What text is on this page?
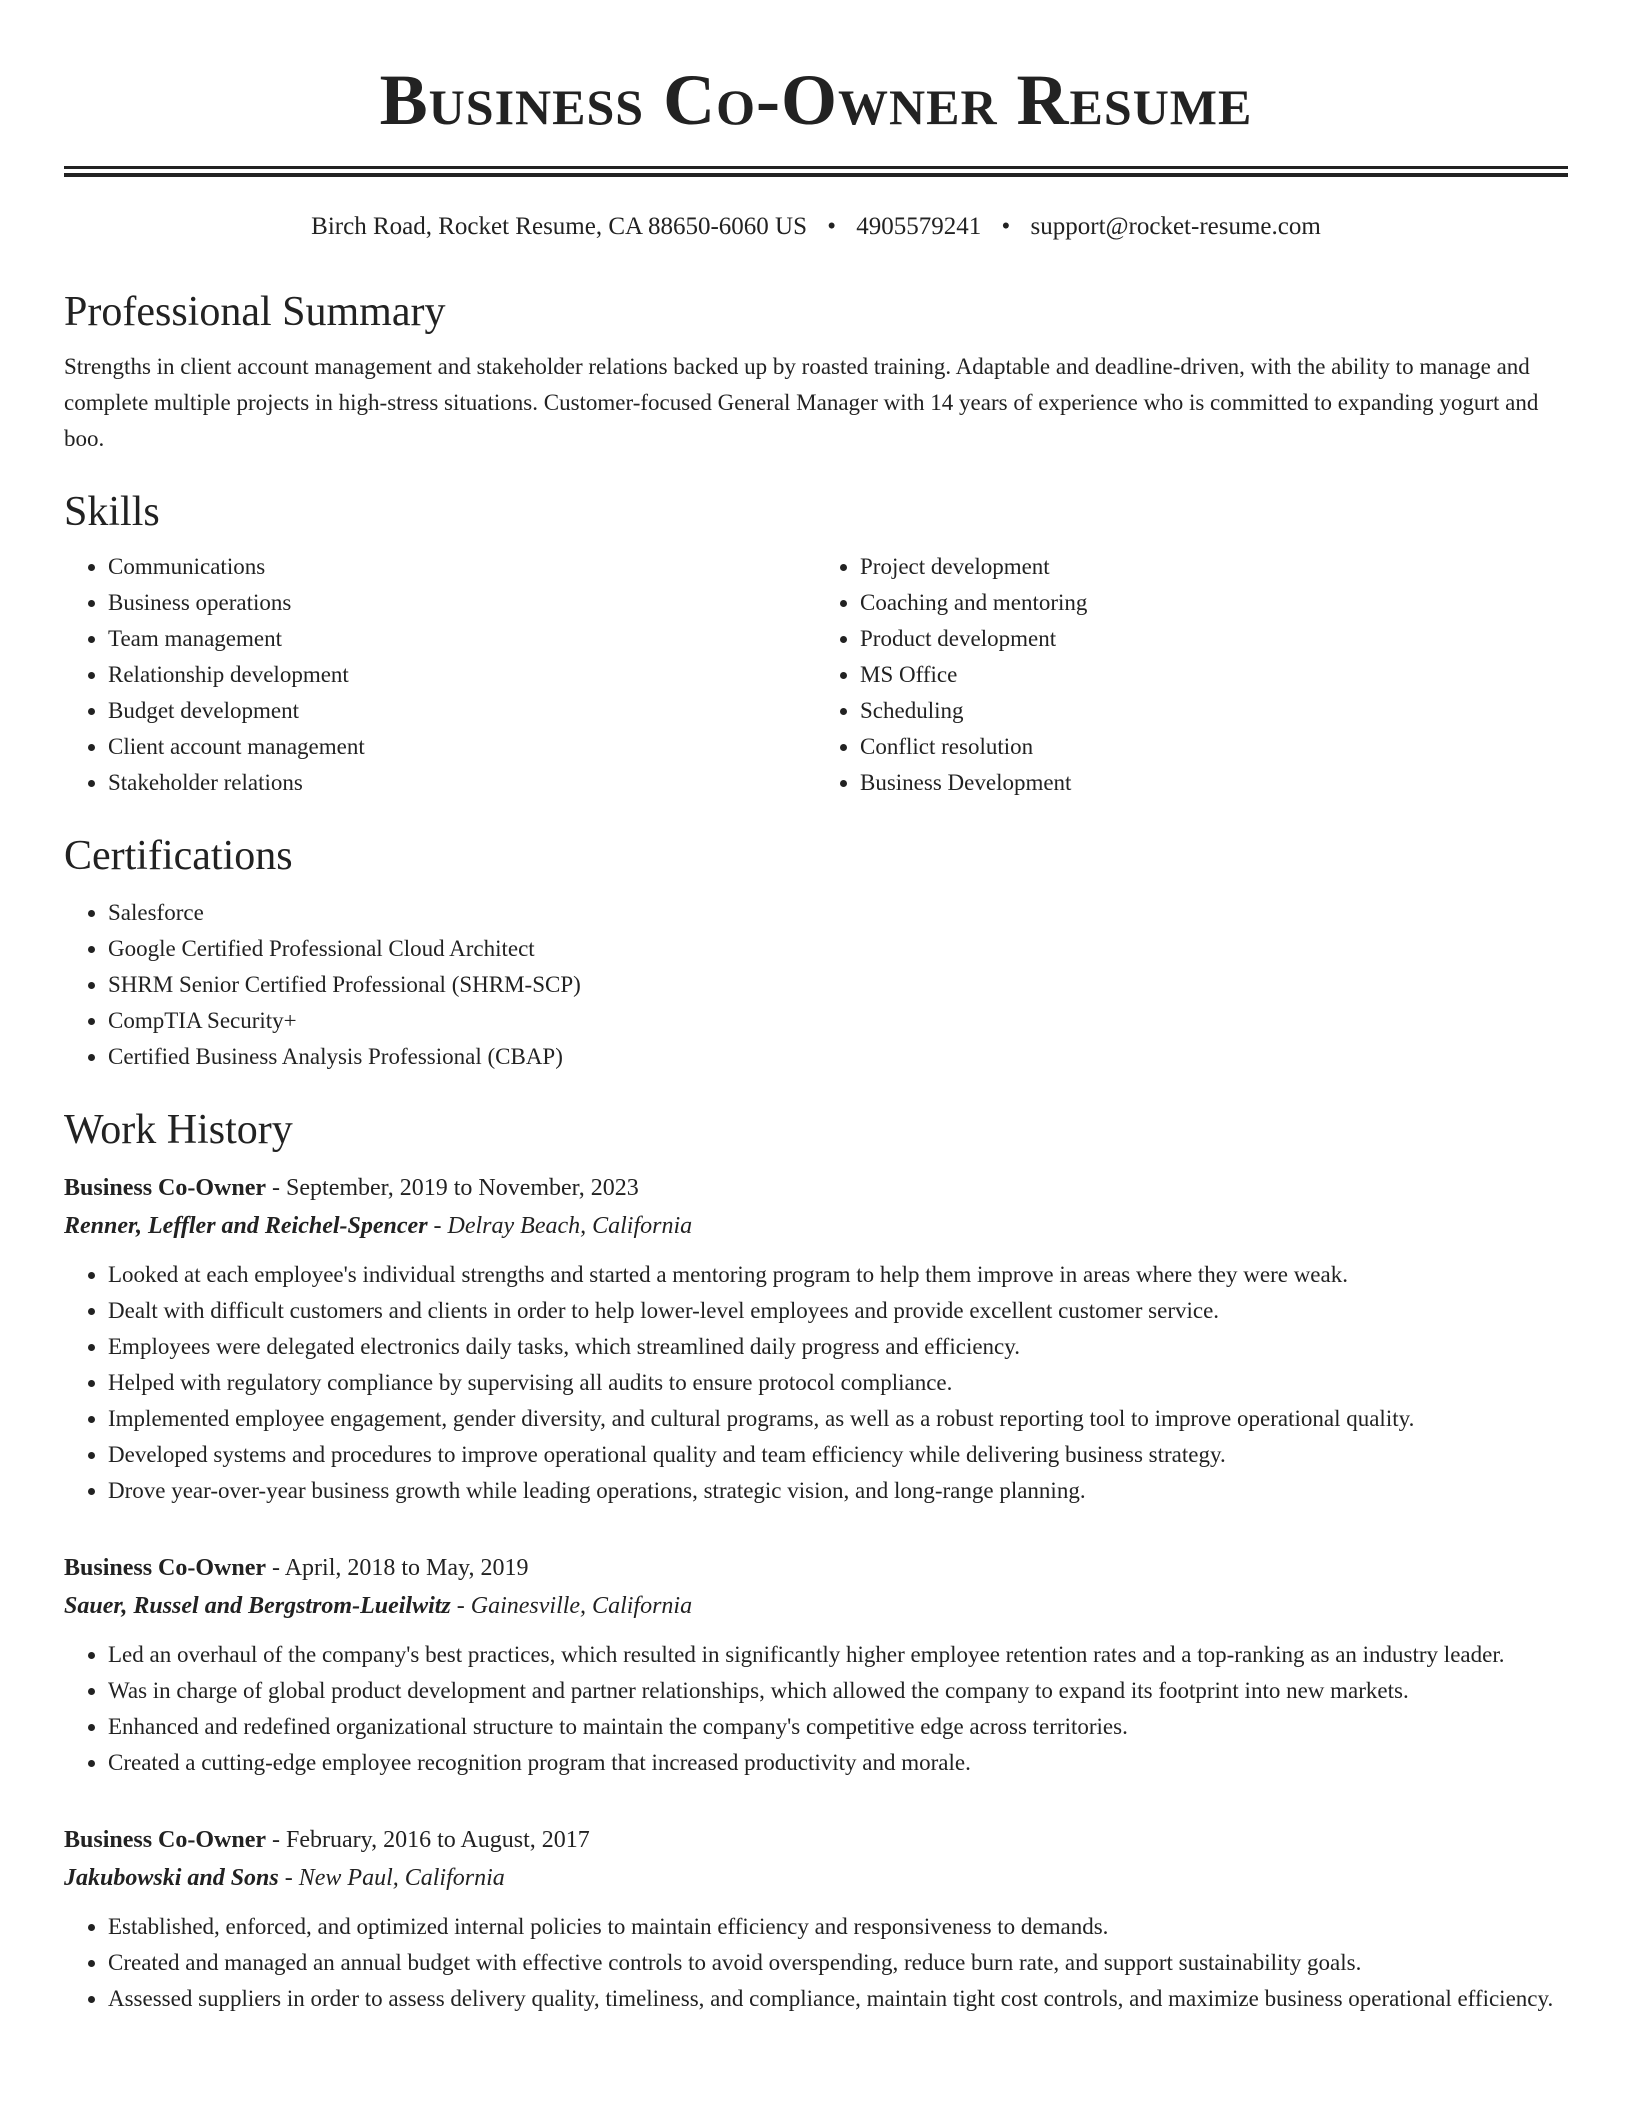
Business Co-Owner Resume
Birch Road, Rocket Resume, CA 88650-6060 US • 4905579241 • support@rocket-resume.com
Professional Summary

Strengths in client account management and stakeholder relations backed up by roasted training. Adaptable and deadline-driven, with the ability to manage and complete multiple projects in high-stress situations. Customer-focused General Manager with 14 years of experience who is committed to expanding yogurt and boo.

Skills
• Communications
• Business operations
• Team management
• Relationship development
• Budget development
• Client account management
• Stakeholder relations
• Project development
• Coaching and mentoring
• Product development
• MS Office
• Scheduling
• Conflict resolution
• Business Development
Certifications
• Salesforce
• Google Certified Professional Cloud Architect
• SHRM Senior Certified Professional (SHRM-SCP)
• CompTIA Security+
• Certified Business Analysis Professional (CBAP)
Work History
Business Co-Owner - September, 2019 to November, 2023
Renner, Leffler and Reichel-Spencer - Delray Beach, California
• Looked at each employee's individual strengths and started a mentoring program to help them improve in areas where they were weak.
• Dealt with difficult customers and clients in order to help lower-level employees and provide excellent customer service.
• Employees were delegated electronics daily tasks, which streamlined daily progress and efficiency.
• Helped with regulatory compliance by supervising all audits to ensure protocol compliance.
• Implemented employee engagement, gender diversity, and cultural programs, as well as a robust reporting tool to improve operational quality.
• Developed systems and procedures to improve operational quality and team efficiency while delivering business strategy.
• Drove year-over-year business growth while leading operations, strategic vision, and long-range planning.
Business Co-Owner - April, 2018 to May, 2019
Sauer, Russel and Bergstrom-Lueilwitz - Gainesville, California
• Led an overhaul of the company's best practices, which resulted in significantly higher employee retention rates and a top-ranking as an industry leader.
• Was in charge of global product development and partner relationships, which allowed the company to expand its footprint into new markets.
• Enhanced and redefined organizational structure to maintain the company's competitive edge across territories.
• Created a cutting-edge employee recognition program that increased productivity and morale.
Business Co-Owner - February, 2016 to August, 2017
Jakubowski and Sons - New Paul, California
• Established, enforced, and optimized internal policies to maintain efficiency and responsiveness to demands.
• Created and managed an annual budget with effective controls to avoid overspending, reduce burn rate, and support sustainability goals.
• Assessed suppliers in order to assess delivery quality, timeliness, and compliance, maintain tight cost controls, and maximize business operational efficiency.
